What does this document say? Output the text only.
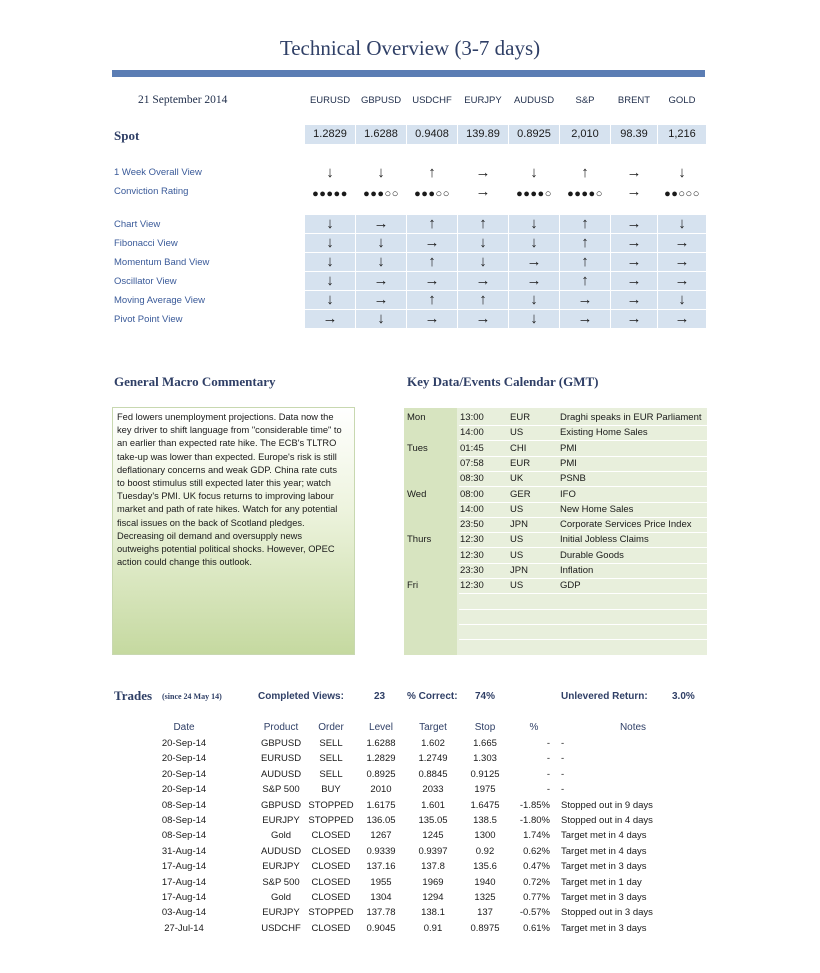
Technical Overview (3-7 days)
21 September 2014	EURUSD	GBPUSD	USDCHF	EURJPY	AUDUSD	S&P	BRENT	GOLD
Spot	1.2829	1.6288	0.9408	139.89	0.8925	2,010	98.39	1,216
1 Week Overall View	↓	↓	↑	→	↓	↑	→	↓
Conviction Rating	●●●●●	●●●○○	●●●○○	→	●●●●○	●●●●○	→	●●○○○
Chart View	↓	→	↑	↑	↓	↑	→	↓
Fibonacci View	↓	↓	→	↓	↓	↑	→	→
Momentum Band View	↓	↓	↑	↓	→	↑	→	→
Oscillator View	↓	→	→	→	→	↑	→	→
Moving Average View	↓	→	↑	↑	↓	→	→	↓
Pivot Point View	→	↓	→	→	↓	→	→	→
General Macro Commentary	Key Data/Events Calendar (GMT)
Fed lowers unemployment projections. Data now the
key driver to shift language from "considerable time" to
an earlier than expected rate hike. The ECB's TLTRO
take-up was lower than expected. Europe's risk is still
deflationary concerns and weak GDP. China rate cuts
to boost stimulus still expected later this year; watch
Tuesday's PMI. UK focus returns to improving labour
market and path of rate hikes. Watch for any potential
fiscal issues on the back of Scotland pledges.
Decreasing oil demand and oversupply news
outweighs potential political shocks. However, OPEC
action could change this outlook.
Mon	13:00	EUR	Draghi speaks in EUR Parliament
14:00	US	Existing Home Sales
Tues	01:45	CHI	PMI
07:58	EUR	PMI
08:30	UK	PSNB
Wed	08:00	GER	IFO
14:00	US	New Home Sales
23:50	JPN	Corporate Services Price Index
Thurs	12:30	US	Initial Jobless Claims
12:30	US	Durable Goods
23:30	JPN	Inflation
Fri	12:30	US	GDP
Trades (since 24 May 14)	Completed Views:	23 % Correct: 74%	Unlevered Return: 3.0%
Date	Product	Order	Level	Target	Stop	%	Notes
20-Sep-14	GBPUSD	SELL	1.6288	1.602	1.665	- -
20-Sep-14	EURUSD	SELL	1.2829	1.2749	1.303	- -
20-Sep-14	AUDUSD	SELL	0.8925	0.8845	0.9125	- -
20-Sep-14	S&P 500	BUY	2010	2033	1975	- -
08-Sep-14	GBPUSD STOPPED	1.6175	1.601	1.6475	-1.85% Stopped out in 9 days
08-Sep-14	EURJPY STOPPED	136.05	135.05	138.5	-1.80% Stopped out in 4 days
08-Sep-14	Gold	CLOSED	1267	1245	1300	1.74% Target met in 4 days
31-Aug-14	AUDUSD	CLOSED	0.9339	0.9397	0.92	0.62% Target met in 4 days
17-Aug-14	EURJPY	CLOSED	137.16	137.8	135.6	0.47% Target met in 3 days
17-Aug-14	S&P 500	CLOSED	1955	1969	1940	0.72% Target met in 1 day
17-Aug-14	Gold	CLOSED	1304	1294	1325	0.77% Target met in 3 days
03-Aug-14	EURJPY STOPPED	137.78	138.1	137	-0.57% Stopped out in 3 days
27-Jul-14	USDCHF	CLOSED	0.9045	0.91	0.8975	0.61% Target met in 3 days
